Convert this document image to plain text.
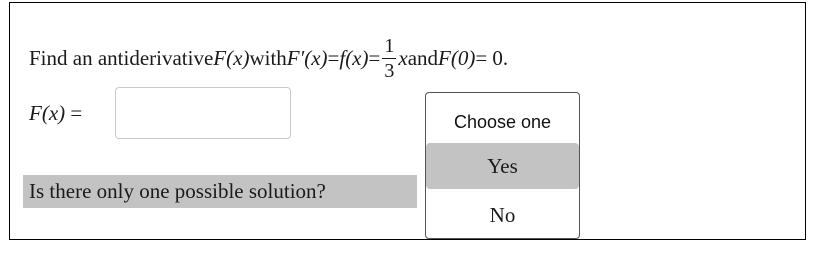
Find an antiderivative F(x) with $F'(x) = f(x) = \frac{1}{3}$ x and F(0) = 0.
F(x) =
Is there only one possible solution?
Choose one
Yes
No
